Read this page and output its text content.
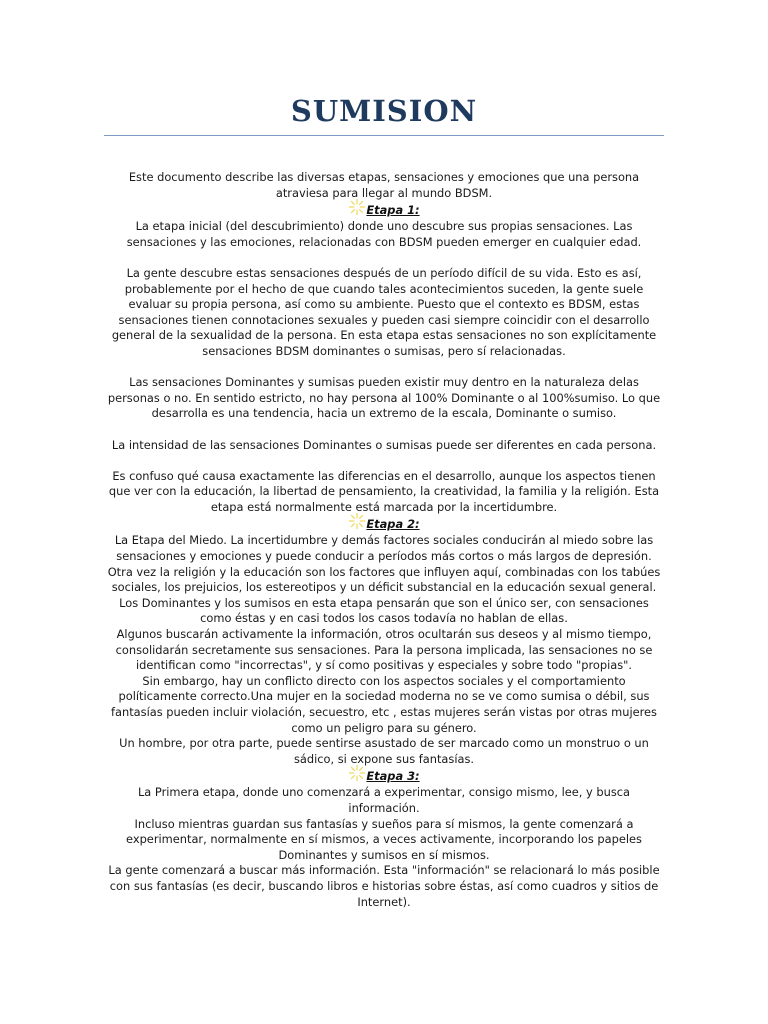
SUMISION

Este documento describe las diversas etapas, sensaciones y emociones que una persona atraviesa para llegar al mundo BDSM.

Etapa 1:

La etapa inicial (del descubrimiento) donde uno descubre sus propias sensaciones. Las sensaciones y las emociones, relacionadas con BDSM pueden emerger en cualquier edad.

La gente descubre estas sensaciones después de un período difícil de su vida. Esto es así, probablemente por el hecho de que cuando tales acontecimientos suceden, la gente suele evaluar su propia persona, así como su ambiente. Puesto que el contexto es BDSM, estas sensaciones tienen connotaciones sexuales y pueden casi siempre coincidir con el desarrollo general de la sexualidad de la persona. En esta etapa estas sensaciones no son explícitamente sensaciones BDSM dominantes o sumisas, pero sí relacionadas.

Las sensaciones Dominantes y sumisas pueden existir muy dentro en la naturaleza delas personas o no. En sentido estricto, no hay persona al 100% Dominante o al 100%sumiso. Lo que desarrolla es una tendencia, hacia un extremo de la escala, Dominante o sumiso.

La intensidad de las sensaciones Dominantes o sumisas puede ser diferentes en cada persona.

Es confuso qué causa exactamente las diferencias en el desarrollo, aunque los aspectos tienen que ver con la educación, la libertad de pensamiento, la creatividad, la familia y la religión. Esta etapa está normalmente está marcada por la incertidumbre.

Etapa 2:

La Etapa del Miedo. La incertidumbre y demás factores sociales conducirán al miedo sobre las sensaciones y emociones y puede conducir a períodos más cortos o más largos de depresión. Otra vez la religión y la educación son los factores que influyen aquí, combinadas con los tabúes sociales, los prejuicios, los estereotipos y un déficit substancial en la educación sexual general.

Los Dominantes y los sumisos en esta etapa pensarán que son el único ser, con sensaciones como éstas y en casi todos los casos todavía no hablan de ellas.

Algunos buscarán activamente la información, otros ocultarán sus deseos y al mismo tiempo, consolidarán secretamente sus sensaciones. Para la persona implicada, las sensaciones no se identifican como "incorrectas", y sí como positivas y especiales y sobre todo "propias".

Sin embargo, hay un conflicto directo con los aspectos sociales y el comportamiento políticamente correcto.Una mujer en la sociedad moderna no se ve como sumisa o débil, sus fantasías pueden incluir violación, secuestro, etc , estas mujeres serán vistas por otras mujeres como un peligro para su género.

Un hombre, por otra parte, puede sentirse asustado de ser marcado como un monstruo o un sádico, si expone sus fantasías.

Etapa 3:

La Primera etapa, donde uno comenzará a experimentar, consigo mismo, lee, y busca información.

Incluso mientras guardan sus fantasías y sueños para sí mismos, la gente comenzará a experimentar, normalmente en sí mismos, a veces activamente, incorporando los papeles Dominantes y sumisos en sí mismos.

La gente comenzará a buscar más información. Esta "información" se relacionará lo más posible con sus fantasías (es decir, buscando libros e historias sobre éstas, así como cuadros y sitios de Internet).
